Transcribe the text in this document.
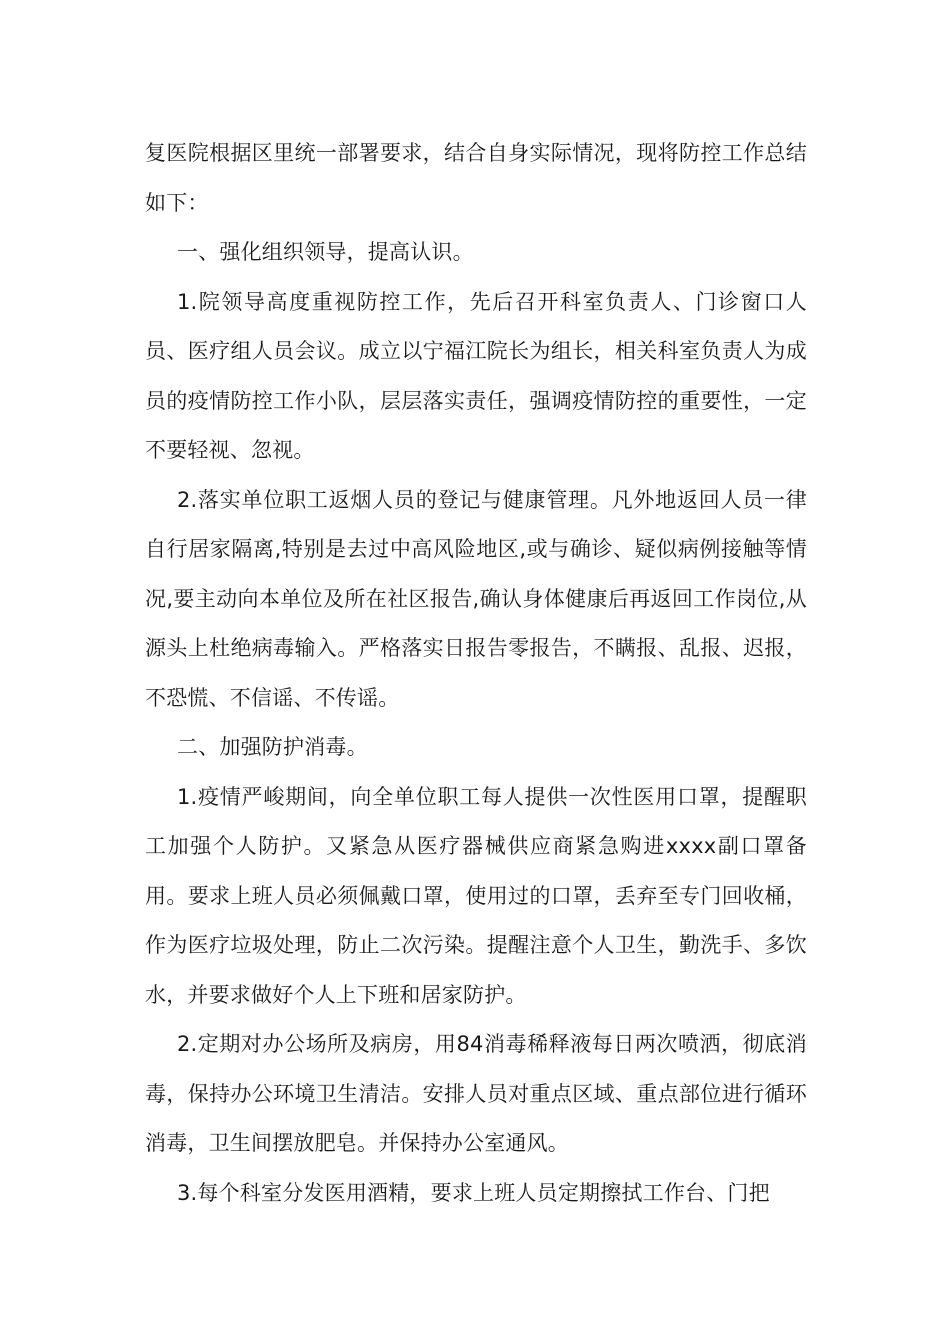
复医院根据区里统一部署要求，结合自身实际情况，现将防控工作总结如下：

一、强化组织领导，提高认识。

1.院领导高度重视防控工作，先后召开科室负责人、门诊窗口人员、医疗组人员会议。成立以宁福江院长为组长，相关科室负责人为成员的疫情防控工作小队，层层落实责任，强调疫情防控的重要性，一定不要轻视、忽视。

2.落实单位职工返烟人员的登记与健康管理。凡外地返回人员一律自行居家隔离,特别是去过中高风险地区,或与确诊、疑似病例接触等情况,要主动向本单位及所在社区报告,确认身体健康后再返回工作岗位,从源头上杜绝病毒输入。严格落实日报告零报告，不瞒报、乱报、迟报，不恐慌、不信谣、不传谣。

二、加强防护消毒。

1.疫情严峻期间，向全单位职工每人提供一次性医用口罩，提醒职工加强个人防护。又紧急从医疗器械供应商紧急购进xxxx副口罩备用。要求上班人员必须佩戴口罩，使用过的口罩，丢弃至专门回收桶，作为医疗垃圾处理，防止二次污染。提醒注意个人卫生，勤洗手、多饮水，并要求做好个人上下班和居家防护。

2.定期对办公场所及病房，用84消毒稀释液每日两次喷洒，彻底消毒，保持办公环境卫生清洁。安排人员对重点区域、重点部位进行循环消毒，卫生间摆放肥皂。并保持办公室通风。

3.每个科室分发医用酒精，要求上班人员定期擦拭工作台、门把
